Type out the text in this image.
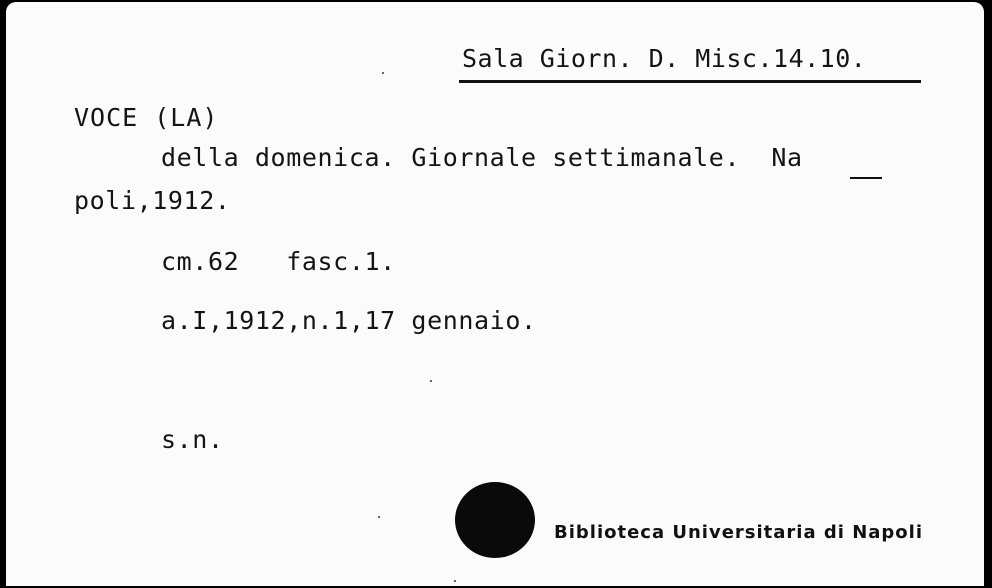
Sala Giorn. D. Misc.14.10.
VOCE (LA)
della domenica. Giornale settimanale.  Na
poli,1912.
cm.62   fasc.1.
a.I,1912,n.1,17 gennaio.
s.n.
Biblioteca Universitaria di Napoli
